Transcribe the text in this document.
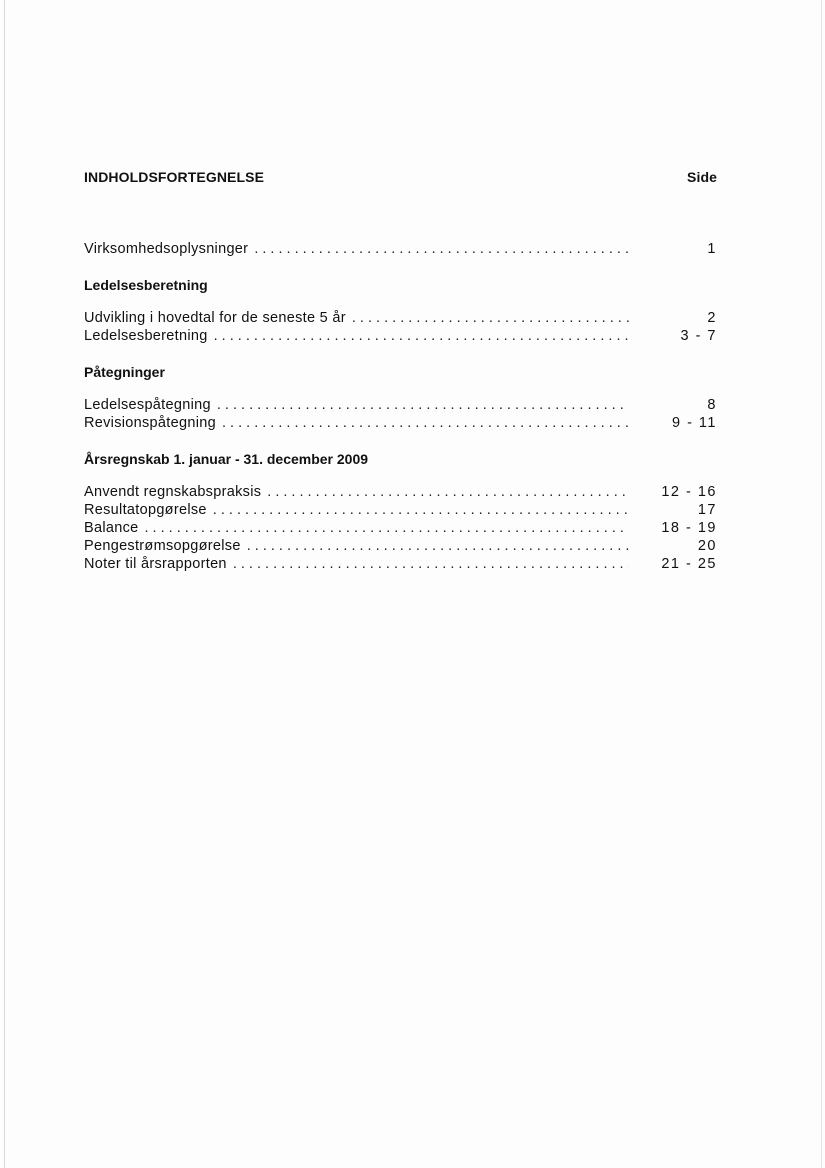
INDHOLDSFORTEGNELSE	Side
Virksomhedsoplysninger . . .	1
Ledelsesberetning
Udvikling i hovedtal for de seneste 5 år . . .	2
Ledelsesberetning . . .	3 - 7
Påtegninger
Ledelsespåtegning . . .	8
Revisionspåtegning . . .	9 - 11
Årsregnskab 1. januar - 31. december 2009
Anvendt regnskabspraksis . . .	12 - 16
Resultatopgørelse . . .	17
Balance . . .	18 - 19
Pengestrømsopgørelse . . .	20
Noter til årsrapporten . . .	21 - 25
